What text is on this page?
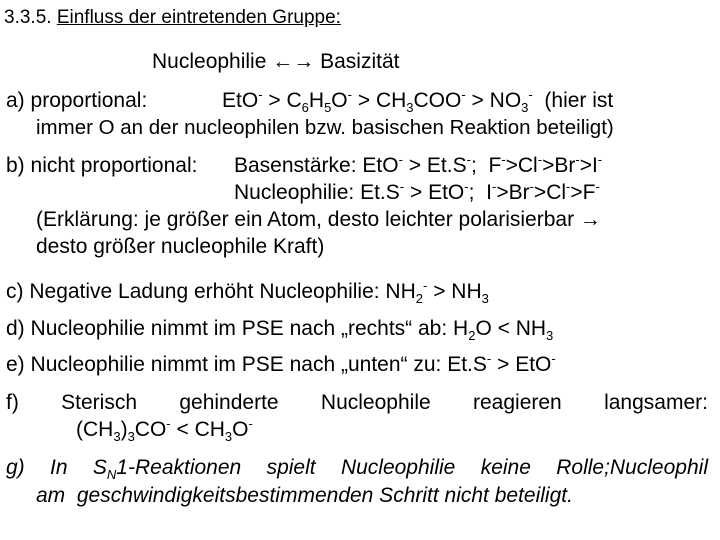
3.3.5. Einfluss der eintretenden Gruppe:
Nucleophilie ←→ Basizität
a) proportional:	$EtO^- > C_6H_5O^- > CH_3COO^- > NO_3^-$ (hier ist
immer O an der nucleophilen bzw. basischen Reaktion beteiligt)
b) nicht proportional: Basenstärke: EtO- > Et.S-; F->Cl->Br->I-
Nucleophilie: Et.S- > EtO-; I->Br->Cl->F-
(Erklärung: je größer ein Atom, desto leichter polarisierbar →
desto größer nucleophile Kraft)
c) Negative Ladung erhöht Nucleophilie: $NH_2^- > NH_3$
d) Nucleophilie nimmt im PSE nach „rechts“ ab: $H_2O < NH_3$
e) Nucleophilie nimmt im PSE nach „unten“ zu: Et.S- > EtO-
f) Sterisch gehinderte Nucleophile reagieren langsamer:
$(CH_3)_3CO^- < CH_3O^-$
g) In $S_N1$-Reaktionen spielt Nucleophilie keine Rolle;Nucleophil
am geschwindigkeitsbestimmenden Schritt nicht beteiligt.
